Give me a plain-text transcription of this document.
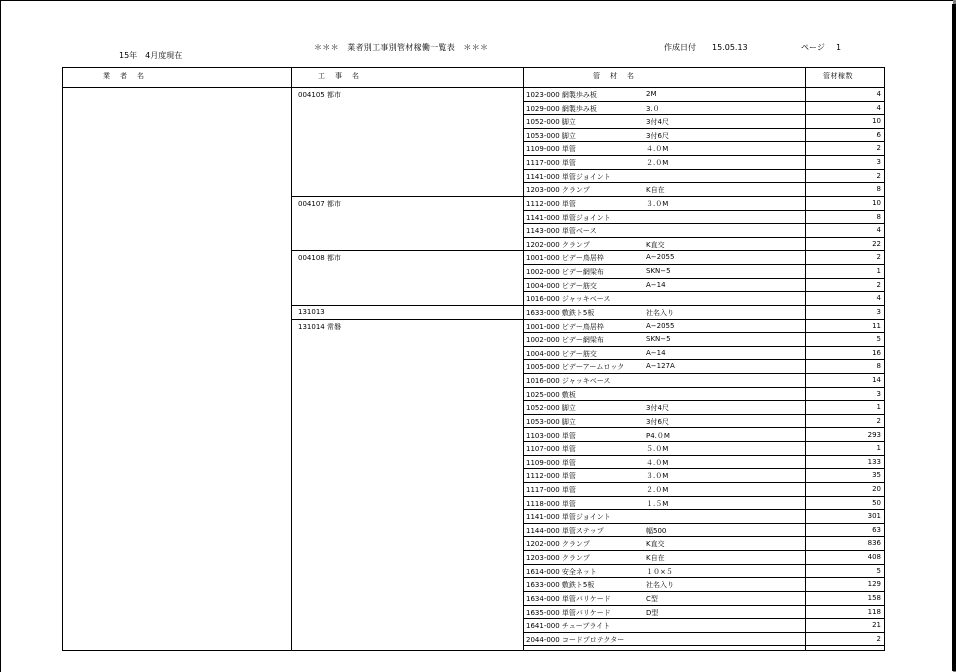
15年　4月度現在
＊＊＊　業者別工事別管材稼働一覧表　＊＊＊	作成日付 15.05.13	ページ 1
業者名	工事名	管材名	管材稼数
004105 都市	1023-000 網製歩み板	2M	4
1029-000 網製歩み板	3.０	4
1052-000 脚立	3付4尺	10
1053-000 脚立	3付6尺	6
1109-000 単管	４.０M	2
1117-000 単管	２.０M	3
1141-000 単管ジョイント	2
1203-000 クランプ	K自在	8
004107 都市	1112-000 単管	３.０M	10
1141-000 単管ジョイント	8
1143-000 単管ベース	4
1202-000 クランプ	K直交	22
004108 都市	1001-000 ビデー鳥居枠	A−2055	2
1002-000 ビデー網梁布	SKN−5	1
1004-000 ビデー筋交	A−14	2
1016-000 ジャッキベース	4
131013	1633-000 敷鉄ト5板	社名入り	3
131014 常磐	1001-000 ビデー鳥居枠	A−2055	11
1002-000 ビデー網梁布	SKN−5	5
1004-000 ビデー筋交	A−14	16
1005-000 ビデーアームロック	A−127A	8
1016-000 ジャッキベース	14
1025-000 敷板	3
1052-000 脚立	3付4尺	1
1053-000 脚立	3付6尺	2
1103-000 単管	P4.０M	293
1107-000 単管	５.０M	1
1109-000 単管	４.０M	133
1112-000 単管	３.０M	35
1117-000 単管	２.０M	20
1118-000 単管	１.５M	50
1141-000 単管ジョイント	301
1144-000 単管ステップ	幅500	63
1202-000 クランプ	K直交	836
1203-000 クランプ	K自在	408
1614-000 安全ネット	１０×５	5
1633-000 敷鉄ト5板	社名入り	129
1634-000 単管バリケード	C型	158
1635-000 単管バリケード	D型	118
1641-000 チューブライト	21
2044-000 コードプロテクター	2
